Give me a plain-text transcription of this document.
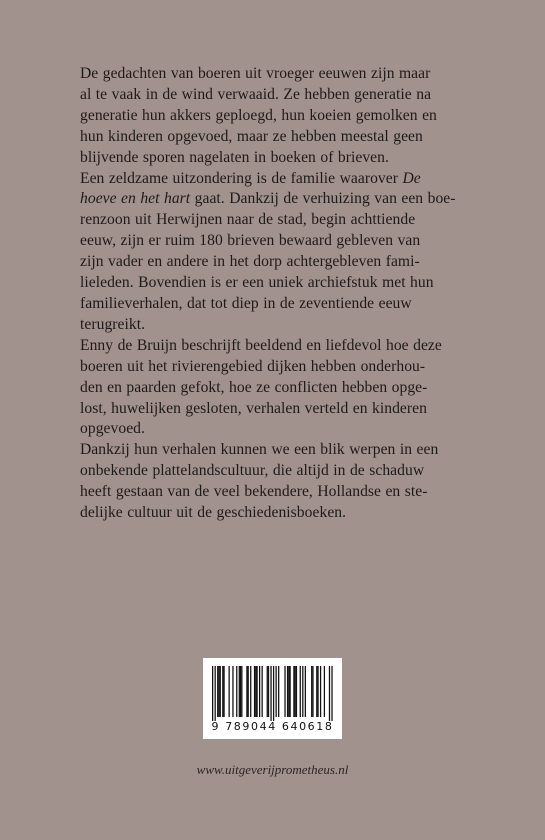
De gedachten van boeren uit vroeger eeuwen zijn maar
al te vaak in de wind verwaaid. Ze hebben generatie na
generatie hun akkers geploegd, hun koeien gemolken en
hun kinderen opgevoed, maar ze hebben meestal geen
blijvende sporen nagelaten in boeken of brieven.

Een zeldzame uitzondering is de familie waarover De
hoeve en het hart gaat. Dankzij de verhuizing van een boe-
renzoon uit Herwijnen naar de stad, begin achttiende
eeuw, zijn er ruim 180 brieven bewaard gebleven van
zijn vader en andere in het dorp achtergebleven fami-
lieleden. Bovendien is er een uniek archiefstuk met hun
familieverhalen, dat tot diep in de zeventiende eeuw
terugreikt.

Enny de Bruijn beschrijft beeldend en liefdevol hoe deze
boeren uit het rivierengebied dijken hebben onderhou-
den en paarden gefokt, hoe ze conflicten hebben opge-
lost, huwelijken gesloten, verhalen verteld en kinderen
opgevoed.

Dankzij hun verhalen kunnen we een blik werpen in een
onbekende plattelandscultuur, die altijd in de schaduw
heeft gestaan van de veel bekendere, Hollandse en ste-
delijke cultuur uit de geschiedenisboeken.

9 789044 640618
www.uitgeverijprometheus.nl
